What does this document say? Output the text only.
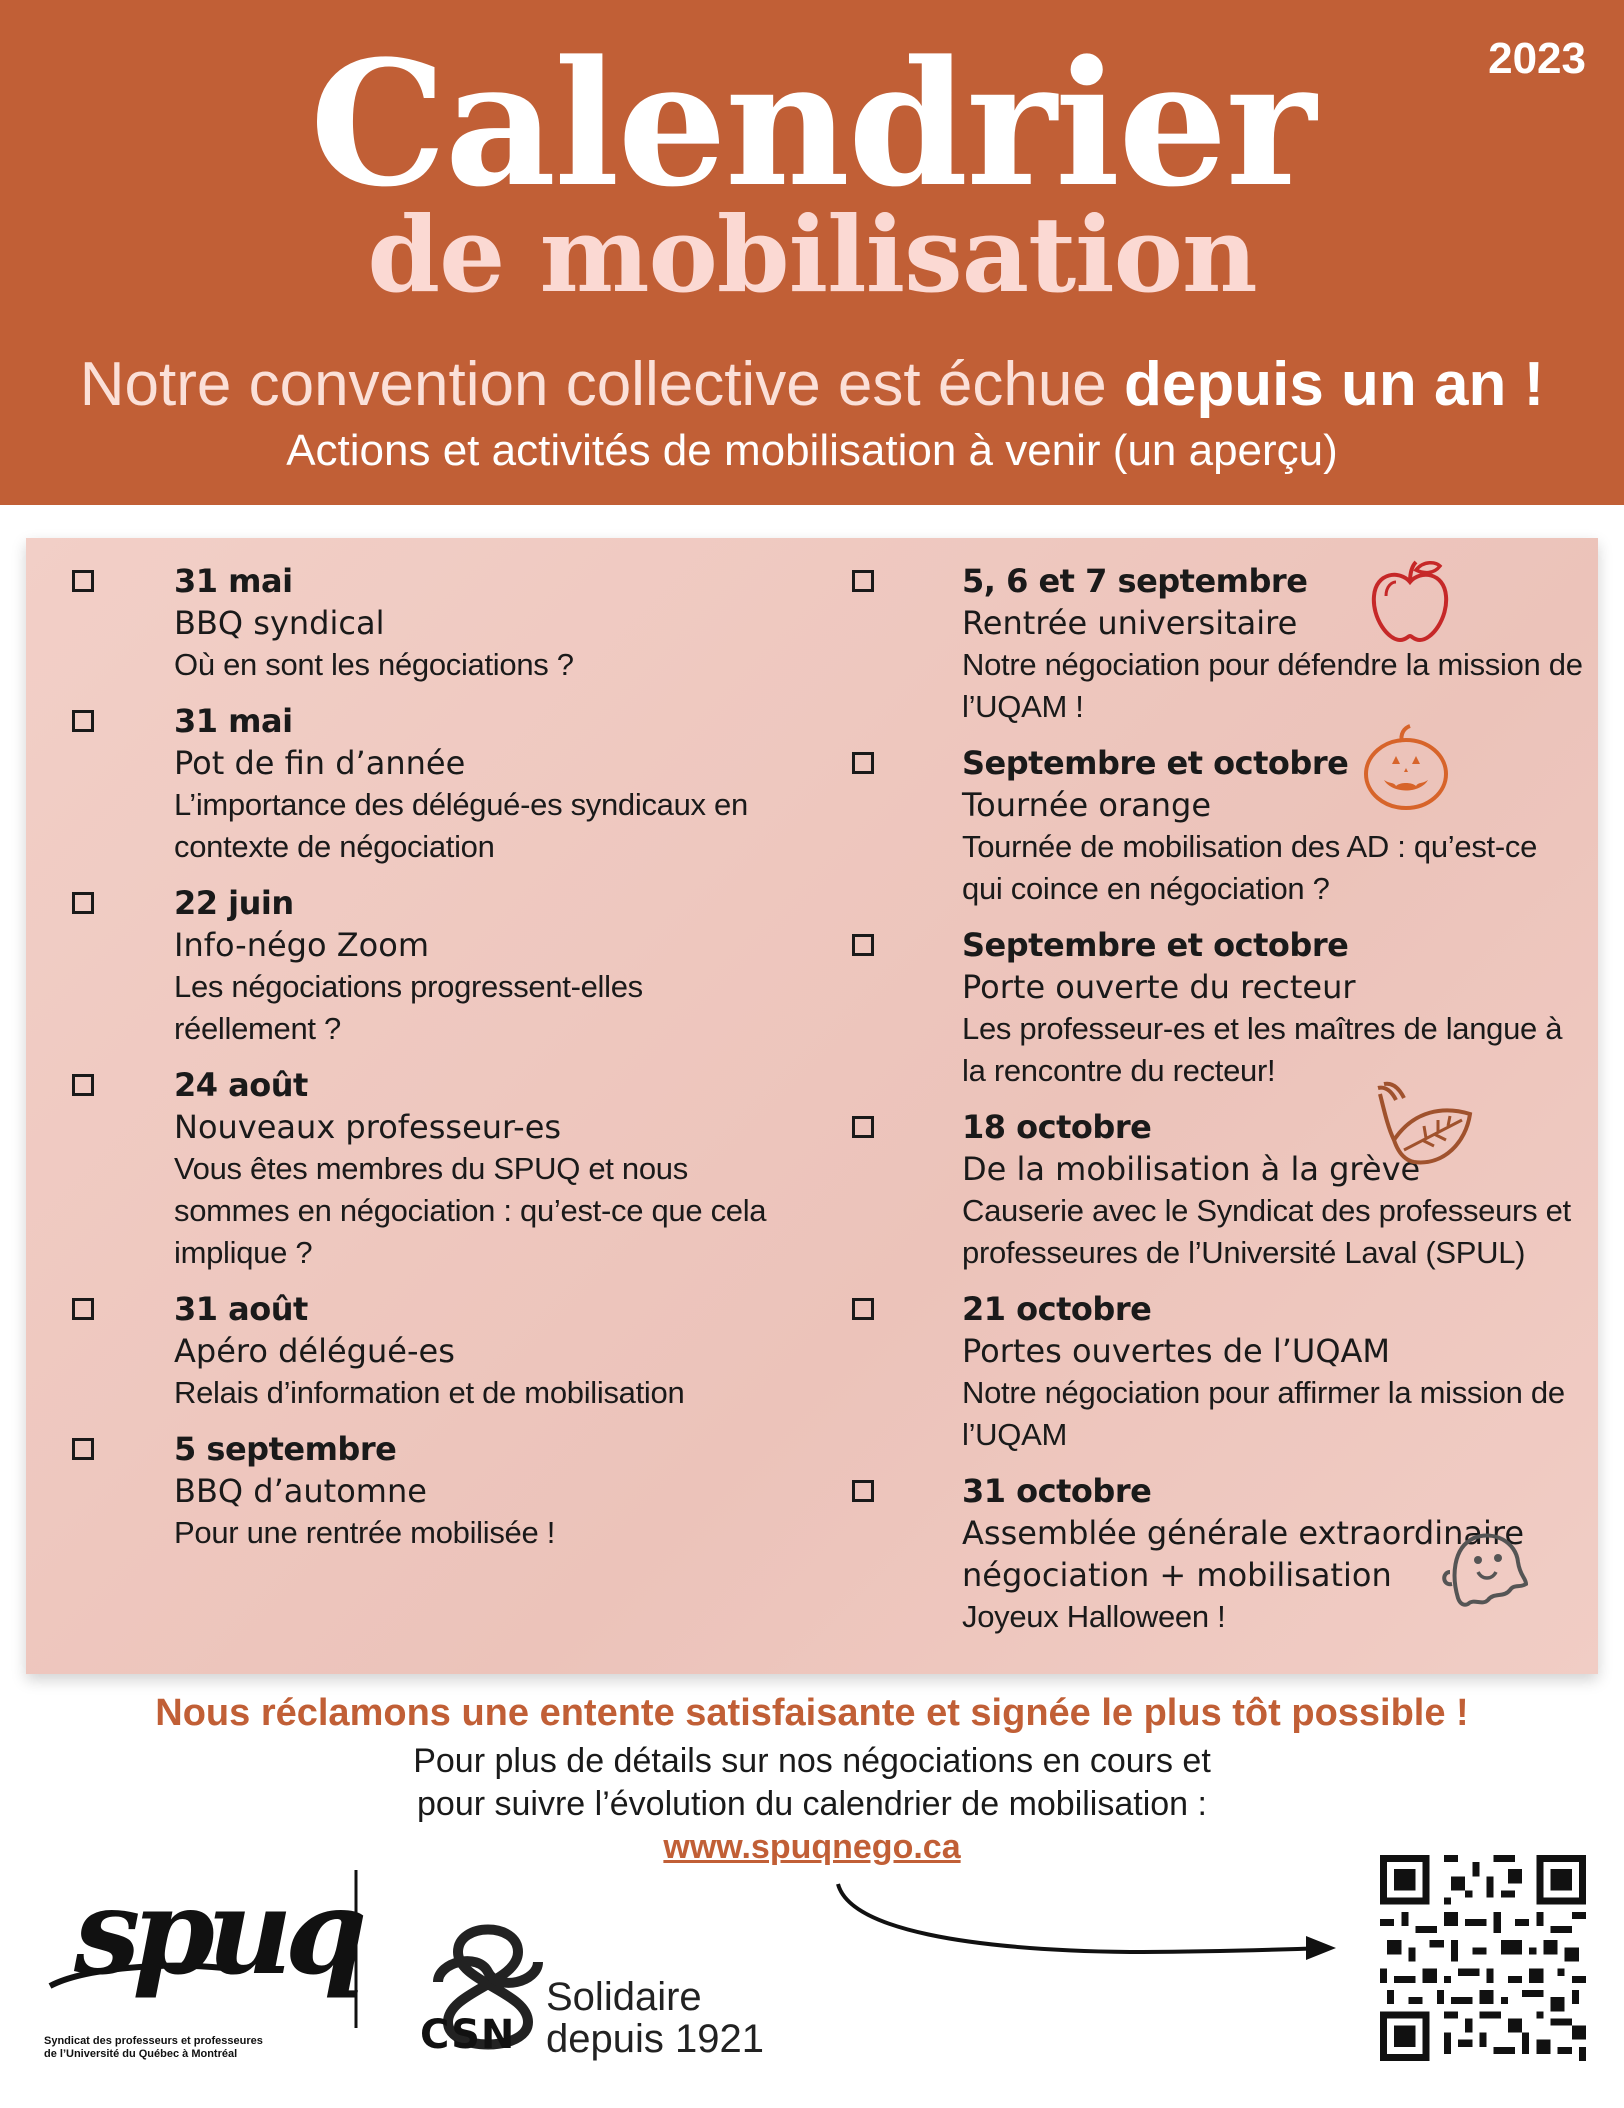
2023
Calendrier
de mobilisation
Notre convention collective est échue depuis un an !
Actions et activités de mobilisation à venir (un aperçu)
31 mai
BBQ syndical
Où en sont les négociations ?
31 mai
Pot de fin d’année
L’importance des délégué-es syndicaux en
contexte de négociation
22 juin
Info-négo Zoom
Les négociations progressent-elles
réellement ?
24 août
Nouveaux professeur-es
Vous êtes membres du SPUQ et nous
sommes en négociation : qu’est-ce que cela
implique ?
31 août
Apéro délégué-es
Relais d’information et de mobilisation
5 septembre
BBQ d’automne
Pour une rentrée mobilisée !
5, 6 et 7 septembre
Rentrée universitaire
Notre négociation pour défendre la mission de
l’UQAM !
Septembre et octobre
Tournée orange
Tournée de mobilisation des AD : qu’est-ce
qui coince en négociation ?
Septembre et octobre
Porte ouverte du recteur
Les professeur-es et les maîtres de langue à
la rencontre du recteur!
18 octobre
De la mobilisation à la grève
Causerie avec le Syndicat des professeurs et
professeures de l’Université Laval (SPUL)
21 octobre
Portes ouvertes de l’UQAM
Notre négociation pour affirmer la mission de
l’UQAM
31 octobre
Assemblée générale extraordinaire
négociation + mobilisation
Joyeux Halloween !
Nous réclamons une entente satisfaisante et signée le plus tôt possible !
Pour plus de détails sur nos négociations en cours et
pour suivre l’évolution du calendrier de mobilisation :
www.spuqnego.ca
spuq
Syndicat des professeurs et professeures
de l’Université du Québec à Montréal	CSN
Solidaire
depuis 1921
